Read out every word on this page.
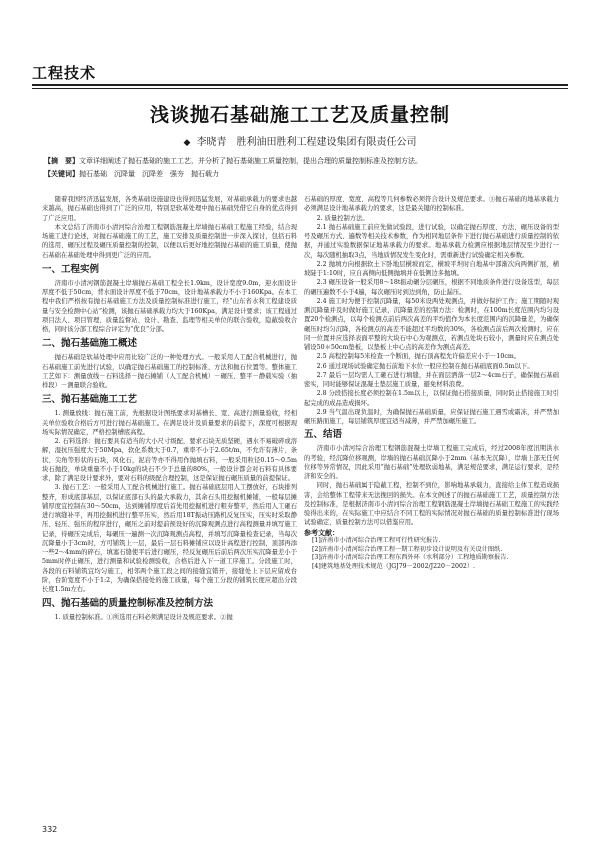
工程技术
浅谈抛石基础施工工艺及质量控制
◆ 李晓青 胜利油田胜利工程建设集团有限责任公司
【摘　要】文章详细阐述了抛石基础的施工工艺，并分析了抛石基础施工质量控制，提出合理的质量控制标准及控制方法。
【关键词】抛石基础　沉降量　沉降差　强夯　抛石载力

随着我国经济迅猛发展，各类基础设施建设也得到迅猛发展，对基础承载力的要求也越来越高，抛石基础也得到了广泛的应用，特别是软基处理中抛石基础凭借它自身的优点得到了广泛应用。

本文总结了济南市小清河综合治理工程钢筋混凝土岸墙抛石基础工程施工经验，结合现场施工进行论述，对抛石基础施工的工艺，施工安排及质量控制进一步深入探讨，包括石料的选用、碾压过程及碾压质量控制的控制，以便以后更好地控制抛石基础的施工质量，使抛石基础在基础处理中得到更广泛的应用。

一、工程实例

济南市小清河钢筋混凝土岸墙抛石基础工程全长1.9km，设计宽度9.0m，迎水面设计厚度不低于50cm，背水面设计厚度不低于70cm，设计地基承载力不小于160Kpa。在本工程中我们严格按有抛石基础施工方法及质量控制标准进行施工，经“山东省水利工程建设质量与安全检测中心站”检测，该抛石基础承载力均大于160Kpa，满足设计要求；该工程通过项目法人、项目管理、质量监督站、设计、勘查、监理等相关单位的联合验收，隐蔽验收合格，同时该分部工程综合评定为“优良”分部。

二、抛石基础施工概述

抛石基础是软基处理中应用比较广泛的一种处理方式。一般采用人工配合机械进行，抛石基础施工前先进行试验，以确定抛石基础施工的控制标准、方法和抛石位置等。整体施工工艺如下：测量放线－石料选择－抛石摊铺（人工配合机械）－碾压、整平－静载实验（抽样段）－测量联合验收。

三、抛石基础施工工艺

1. 测量放线：抛石施工前，先根据设计图纸要求对基槽长、宽、高进行测量验收，经相关单位验收合格后方可进行抛石基础施工。在满足设计及质量要求的前提下，深度可根据现场实际情况确定，严格控制槽底高程。

2. 石料选择：抛石要具有适当的大小尺寸级配，要求石块无质坚硬，遇水不易破碎或溶解，湿抗压强度大于50Mpa，软化系数大于0.7，重率不小于2.65t/m，不允许有薄片、条状、尖角等形状的石块，风化石，泥岩等亦不得用作抛填石料，一般采用粒径0.15～0.5m块石抛投，单块重量不小于10kg的块石不少于总量的80%，一般设计都会对石料有具体要求，除了满足设计要求外，要对石料的级配合理控制，这是保证抛石碾压质量的前提保证。

3. 抛石工艺：一般采用人工配合机械进行施工。抛石基础底层用人工摆放好，石块排列整齐，形成底部基层，以保证底部石头的最大承载力，其余石头用挖掘机摊铺，一般每层摊铺厚度宜控制在30～50cm，达到摊铺厚度后首先用挖掘机进行粗夯整平，然后用人工砸石进行填缝补平，再用挖掘机进行整平压实，然后用18T振动压路机反复压实，压实时采取静压、轻压、强压的程序进行，碾压之前对提前预设好的沉降观测点进行高程测量并填写施工记录，待碾压完成后，每碾压一遍测一次沉降观测点高程，并填写沉降量检查记录，当每次沉降量小于3cm时，方可铺筑上一层，最后一层石料摊铺应以设计高程进行控制，顶部再添一些2～4mm的碎石，填塞石缝使平后进行碾压，经反复碾压后前后两次压实沉降量差小于5mm时停止碾压，进行测量和试验检测验收，合格后进入下一道工序施工。分段施工时，各段的石料铺筑宜均匀施工，相邻两个施工段之间的接缝宜错开，接缝处上下层应留成台阶，台阶宽度不小于1:2，为确保搭接处的施工质量，每个施工分段的铺筑长度应超出分段长度1.5m左右。

四、抛石基础的质量控制标准及控制方法

1. 质量控制标准。①所选用石料必须满足设计及规范要求。②抛

石基础的厚度、宽度、高程等几何参数必须符合设计及规范要求。③抛石基础的地基承载力必须满足设计地基承载力的要求，这是最关键的控制标准。

2. 质量控制方法。

2.1 抛石基础施工前应先做试验段，进行试验，以确定抛石厚度、方法、碾压设备的型号及碾压方式、遍数等相关技术参数，作为相同地层条件下进行抛石基础进行质量控制的依据，并通过实验数据保证地基承载力的要求。地基承载力检测应根据地层情况至少进行一次，每次随机抽取3点，当地质情况发生变化时，需重新进行试验确定相关参数。

2.2 抛填方向根据软土下卧地层横坡而定，横坡平坦时自地基中部渐次向两侧扩展，横坡陡于1:10时，应自高侧向低侧抛填并在低侧边多抛填。

2.3 碾压设备一般采用8～18t振动碾分层碾压，根据不同地质条件进行设备选型，每层的碾压遍数不小于4遍，每次碾压时到边到角，防止漏压。

2.4 施工时为便于控制沉降量，每50米设两处观测点，并做好保护工作；施工期随时观测沉降量并及时做好施工记录，沉降量差的控制方法：检测时，在100m长度范围内均匀设置20个检测点，以每个检测点前后两次高差的平均值作为本长度范围内的沉降量差，为确保碾压时均匀沉降，各检测点的高差不能超过平均数的30%，各检测点前后两次检测时，应在同一位置并应选择表面平整的大块石中心为观测点，若测点处块石较小，测量时应在测点处铺设50＊50cm垫板，以垫板上中心点的高差作为测点高差。

2.5 高程控制每5米检查一个断面，抛石顶高程允许偏差应小于－10cm。

2.6 通过现场试验确定抛石前地下水位一般应控制在抛石基础底面0.5m以下。

2.7 最后一层均需人工砸石进行填缝，并在面层洒落一层2～4cm石子，确保抛石基础密实，同时能够保证混凝土垫层施工质量，避免材料浪费。

2.8 分段搭接长度必须控制在1.5m以上，以保证抛石搭接质量，同时防止搭接施工时引起完成的成品造成损坏。

2.9 当气温出现负温时，为确保抛石基础质量，应保证抛石施工遇雪或霜冻，并严禁加碾压路面施工，每层铺筑厚度宜适当减薄，并严禁加碾压施工。

五、结语

济南市小清河综合治理工程钢筋混凝土岸墙工程施工完成后，经过2008年度汛期洪水的考验，经沉降位移观测，岸墙的抛石基础沉降小于2mm（基本无沉降），岸墙上部无任何位移等异常情况，因此采用“抛石基础”处理软弱地基，满足规范要求，满足运行要求，是经济和安全的。

同时，抛石基础属于隐蔽工程，控制不到位，影响地基承载力，直接给主体工程造成损害，会给整体工程带来无法挽回的损失。在本文例述了的抛石基础施工工艺，质量控制方法及控制标准，是根据济南市小清河综合治理工程钢筋混凝土岸墙抛石基础工程施工的实践经验得出来的，在实际施工中应结合不同工程的实际情况对抛石基础的质量控制标准进行现场试验确定，质量控制方法可以借鉴应用。

参考文献：

[1]济南市小清河综合治理工程可行性研究报告.

[2]济南市小清河综合治理工程一期工程初步设计说明及有关设计图纸.

[3]济南市小清河综合治理工程东西外环（水利部分）工程地质勘察报告.

[4]建筑地基处理技术规范（JGJ79－2002/J220－2002）.

332
